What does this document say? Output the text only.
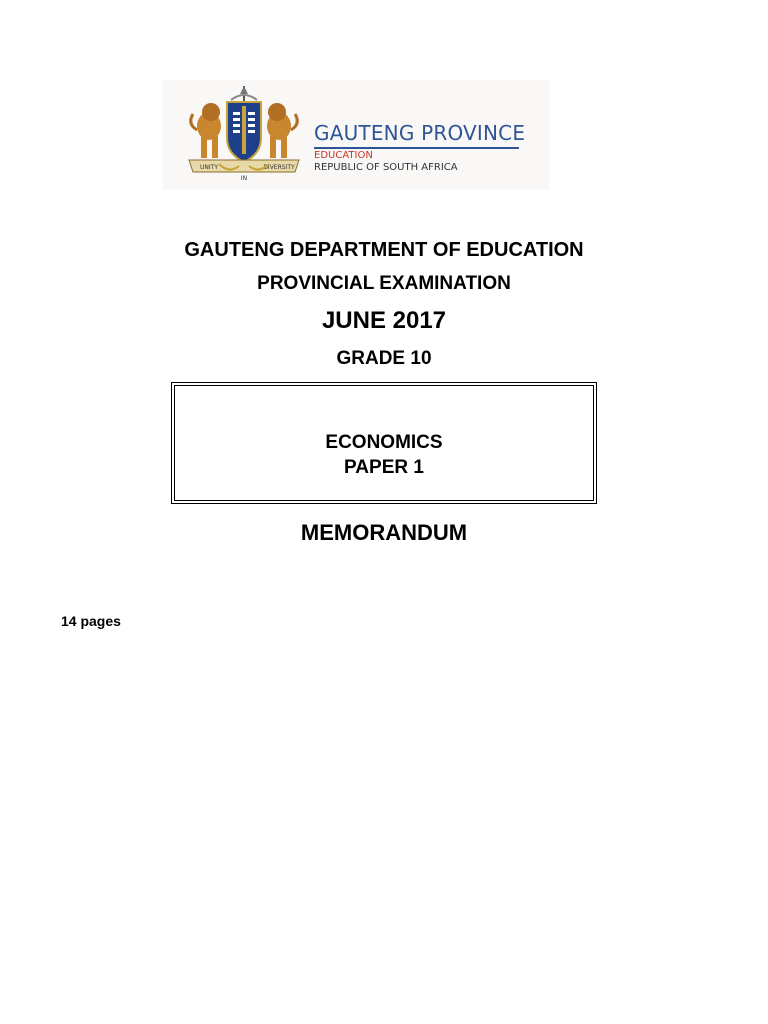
UNITY
IN
DIVERSITY
GAUTENG PROVINCE
EDUCATION
REPUBLIC OF SOUTH AFRICA
GAUTENG DEPARTMENT OF EDUCATION
PROVINCIAL EXAMINATION
JUNE 2017
GRADE 10
ECONOMICS
PAPER 1
MEMORANDUM
14 pages
